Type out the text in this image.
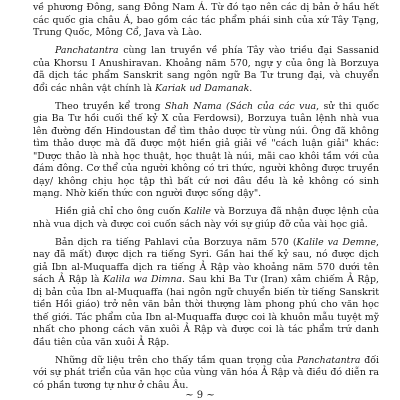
về phương Đông, sang Đông Nam Á. Từ đó tạo nên các dị bản ở hầu hết các quốc gia châu Á, bao gồm các tác phẩm phái sinh của xứ Tây Tạng, Trung Quốc, Mông Cổ, Java và Lào.

Panchatantra cùng lan truyền về phía Tây vào triều đại Sassanid của Khorsu I Anushiravan. Khoảng năm 570, ngự y của ông là Borzuya đã dịch tác phẩm Sanskrit sang ngôn ngữ Ba Tư trung đại, và chuyển đổi các nhân vật chính là Kariak ud Damanak.

Theo truyền kể trong Shah Nama (Sách của các vua, sử thi quốc gia Ba Tư hồi cuối thế kỷ X của Ferdowsi), Borzuya tuân lệnh nhà vua lên đường đến Hindoustan để tìm thảo dược từ vùng núi. Ông đã không tìm thảo dược mà đã được một hiền giả giải về "cách luận giải" khác: "Dược thảo là nhà học thuật, học thuật là núi, mãi cao khôi tầm với của đám đông. Cơ thể của người không có tri thức, người không được truyền dạy/ không chịu học tập thì bất cứ nơi đâu đều là kẻ không có sinh mạng. Nhờ kiến thức con người được sống dậy".

Hiền giả chỉ cho ông cuốn Kalile và Borzuya đã nhận được lệnh của nhà vua dịch và được coi cuốn sách này với sự giúp đỡ của vài học giả.

Bản dịch ra tiếng Pahlavi của Borzuya năm 570 (Kalile va Demne, nay đã mất) được dịch ra tiếng Syri. Gần hai thế kỷ sau, nó được dịch giả Ibn al-Muquaffa dịch ra tiếng Ả Rập vào khoảng năm 570 dưới tên sách Ả Rập là Kalila wa Dimna. Sau khi Ba Tư (Iran) xâm chiếm Ả Rập, dị bản của Ibn al-Muquaffa (hai ngôn ngữ chuyển biến từ tiếng Sanskrit tiền Hồi giáo) trở nên văn bản thời thượng làm phong phú cho văn học thế giới. Tác phẩm của Ibn al-Muquaffa được coi là khuôn mẫu tuyệt mỹ nhất cho phong cách văn xuôi Ả Rập và được coi là tác phẩm trứ danh đầu tiên của văn xuôi Ả Rập.

Những dữ liệu trên cho thấy tầm quan trọng của Panchatantra đối với sự phát triển của văn học của vùng văn hóa Ả Rập và điều đó diễn ra có phần tương tự như ở châu Âu.

~ 9 ~
